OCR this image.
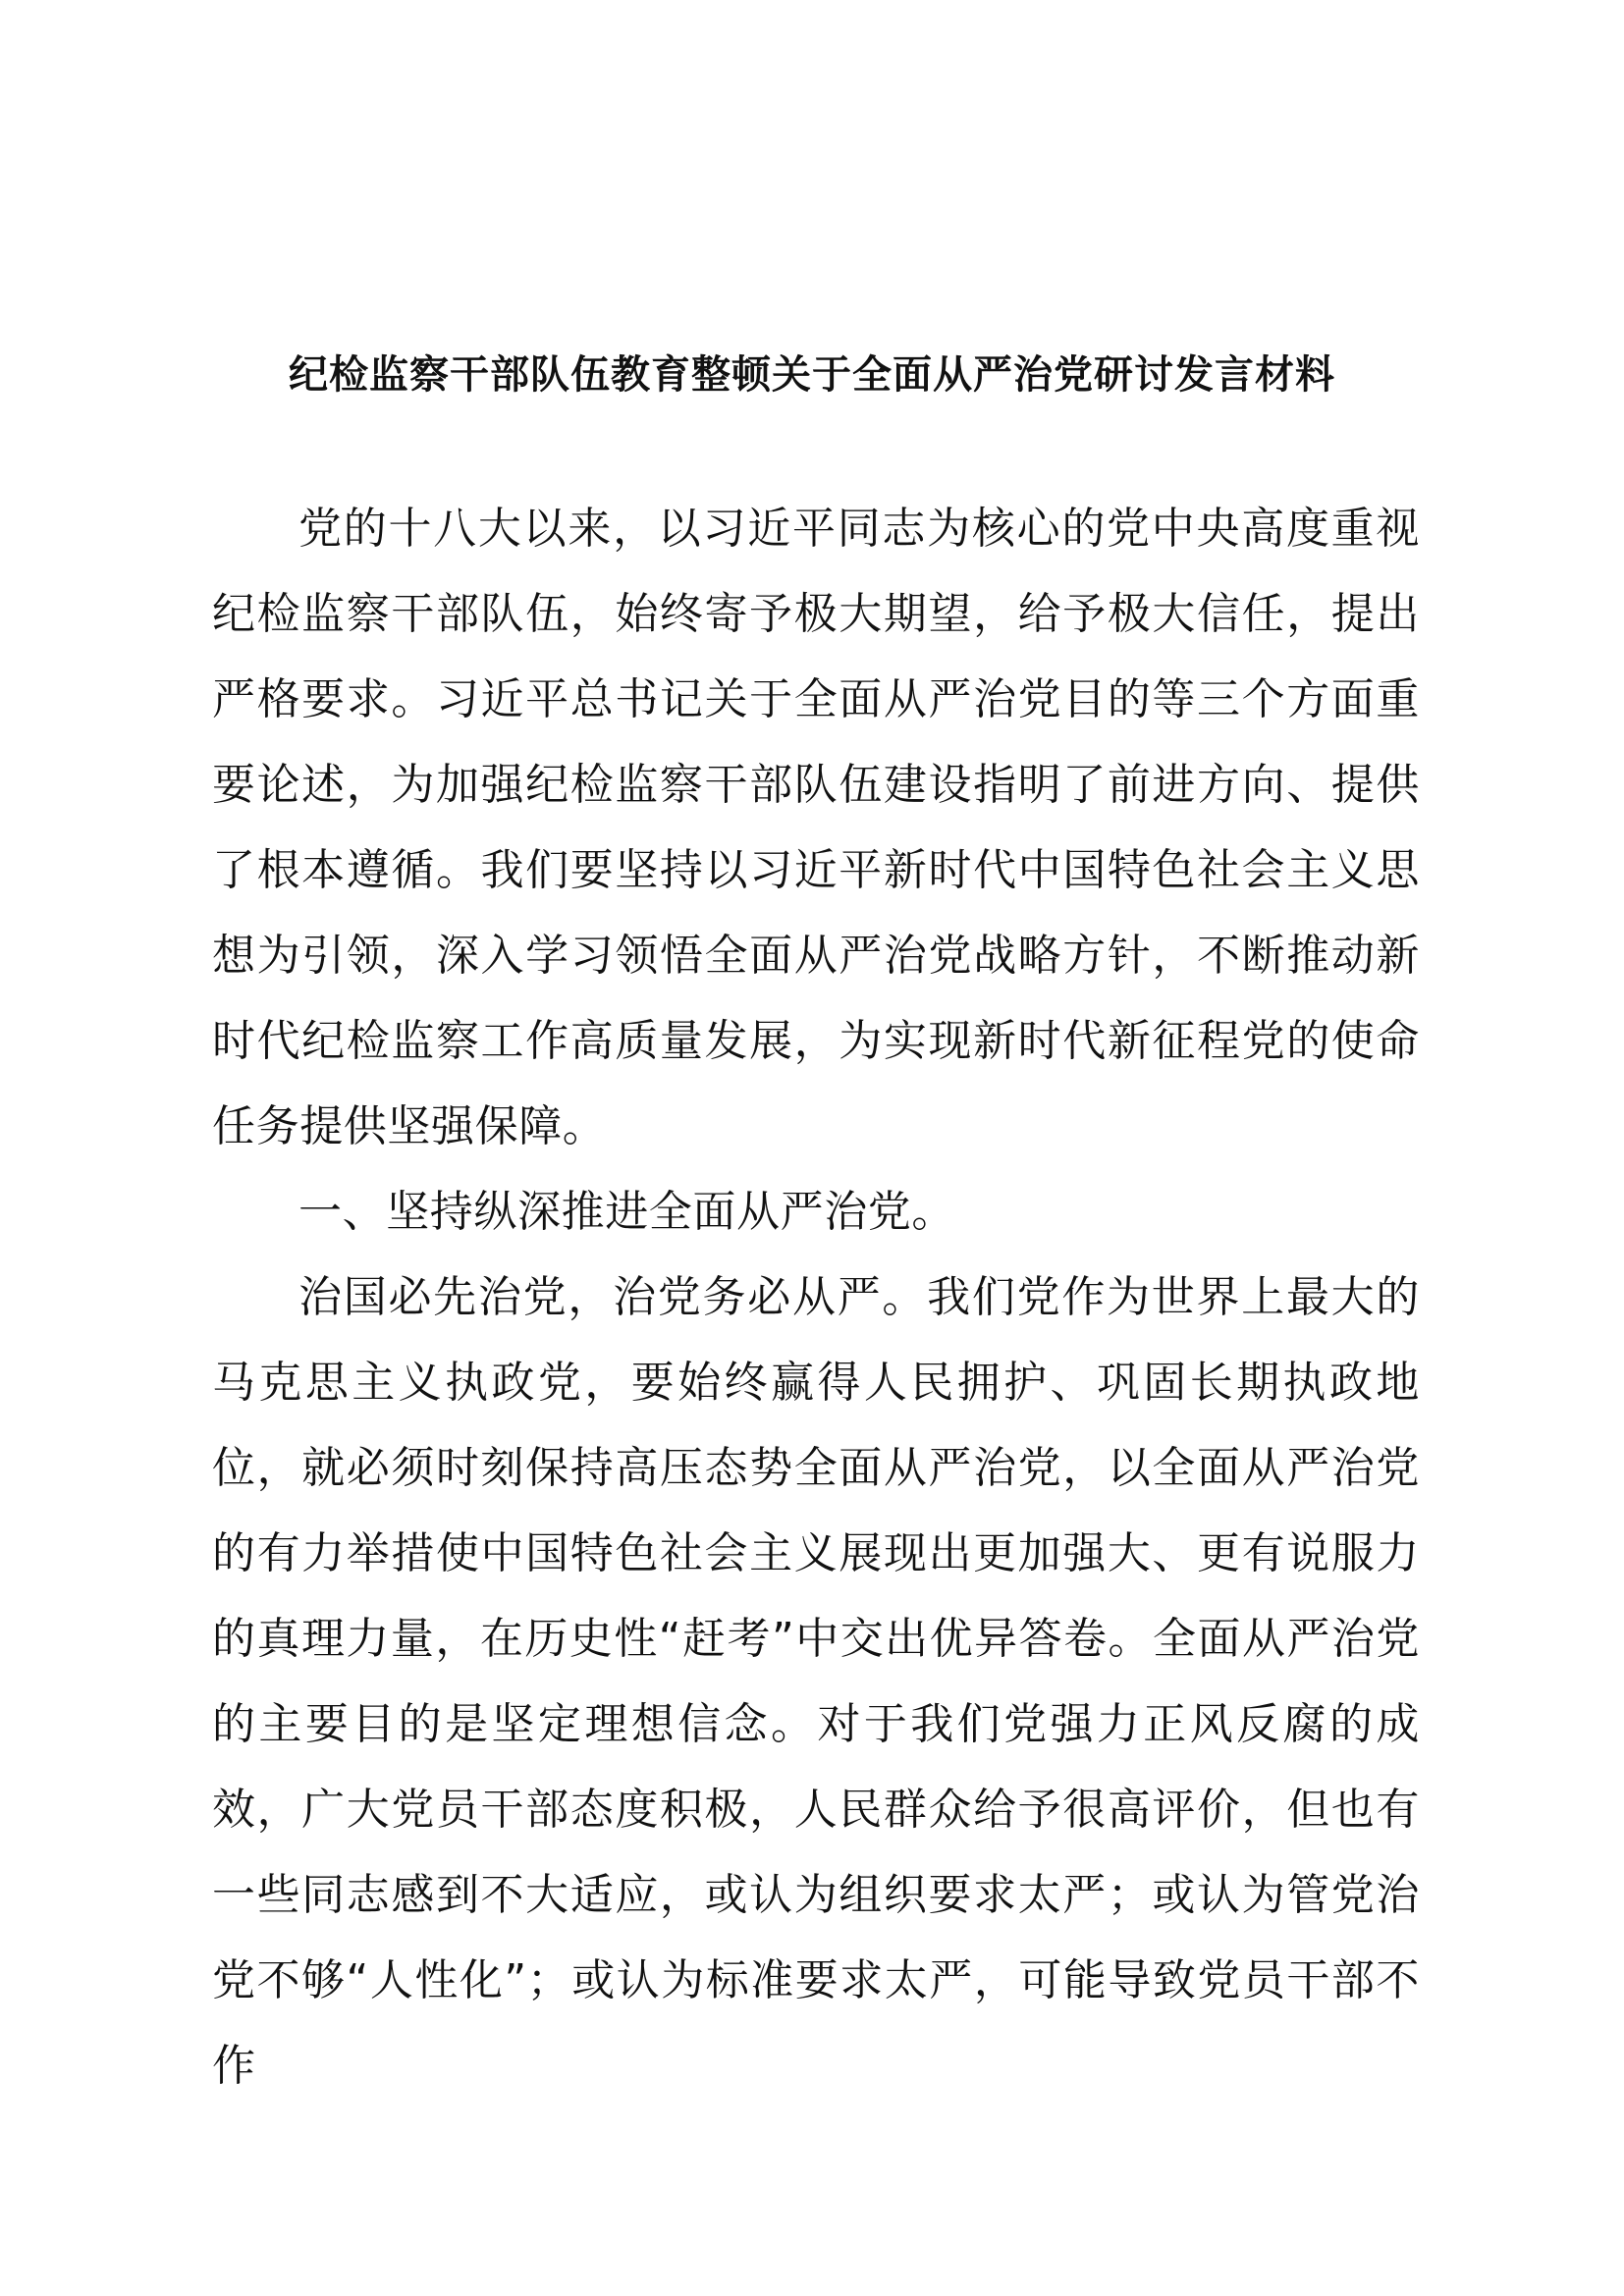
纪检监察干部队伍教育整顿关于全面从严治党研讨发言材料

党的十八大以来，以习近平同志为核心的党中央高度重视纪检监察干部队伍，始终寄予极大期望，给予极大信任，提出严格要求。习近平总书记关于全面从严治党目的等三个方面重要论述，为加强纪检监察干部队伍建设指明了前进方向、提供了根本遵循。我们要坚持以习近平新时代中国特色社会主义思想为引领，深入学习领悟全面从严治党战略方针，不断推动新时代纪检监察工作高质量发展，为实现新时代新征程党的使命任务提供坚强保障。

一、坚持纵深推进全面从严治党。

治国必先治党，治党务必从严。我们党作为世界上最大的马克思主义执政党，要始终赢得人民拥护、巩固长期执政地位，就必须时刻保持高压态势全面从严治党，以全面从严治党的有力举措使中国特色社会主义展现出更加强大、更有说服力的真理力量，在历史性“赶考”中交出优异答卷。全面从严治党的主要目的是坚定理想信念。对于我们党强力正风反腐的成效，广大党员干部态度积极，人民群众给予很高评价，但也有一些同志感到不大适应，或认为组织要求太严；或认为管党治党不够“人性化”；或认为标准要求太严，可能导致党员干部不作
